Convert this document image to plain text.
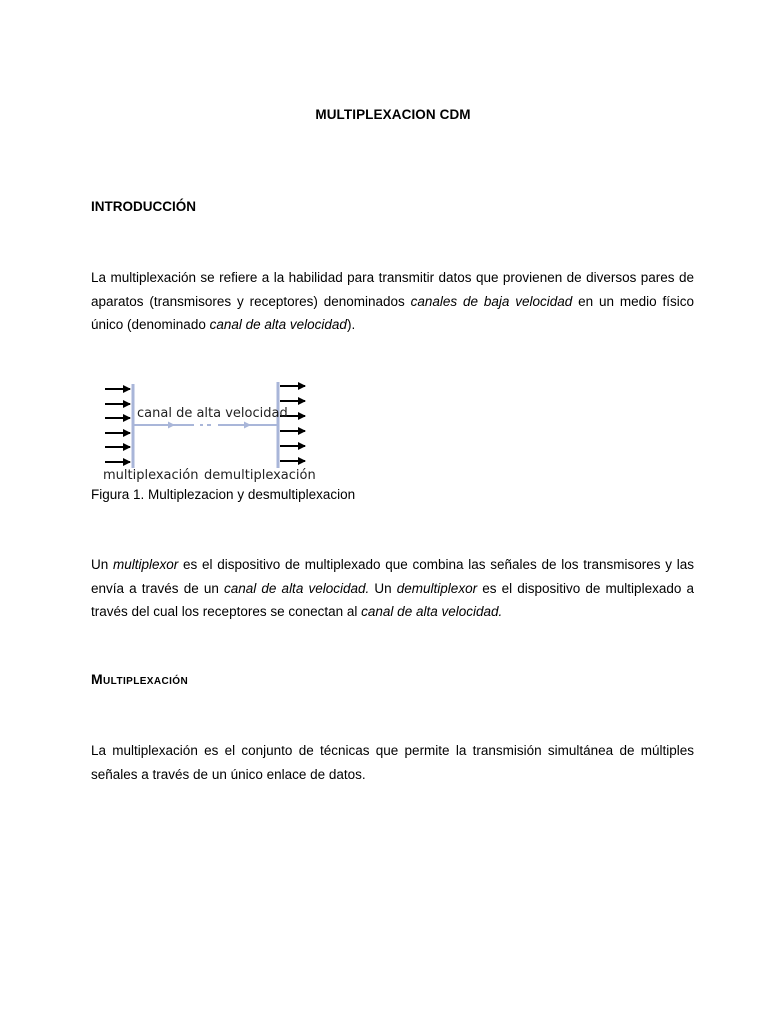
MULTIPLEXACION CDM
INTRODUCCIÓN

La multiplexación se refiere a la habilidad para transmitir datos que provienen de diversos pares de aparatos (transmisores y receptores) denominados canales de baja velocidad en un medio físico único (denominado canal de alta velocidad).

canal de alta velocidad
multiplexación demultiplexación
Figura 1. Multiplezacion y desmultiplexacion

Un multiplexor es el dispositivo de multiplexado que combina las señales de los transmisores y las envía a través de un canal de alta velocidad. Un demultiplexor es el dispositivo de multiplexado a través del cual los receptores se conectan al canal de alta velocidad.

Multiplexación

La multiplexación es el conjunto de técnicas que permite la transmisión simultánea de múltiples señales a través de un único enlace de datos.
